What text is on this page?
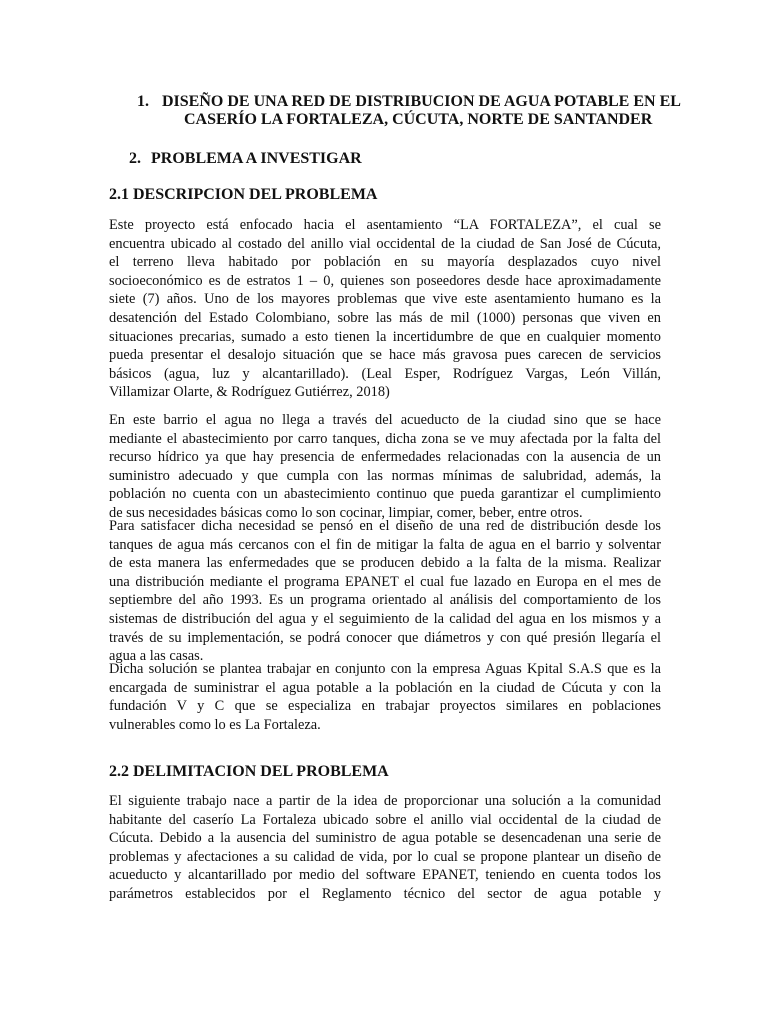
1. DISEÑO DE UNA RED DE DISTRIBUCION DE AGUA POTABLE EN EL
CASERÍO LA FORTALEZA, CÚCUTA, NORTE DE SANTANDER
2. PROBLEMA A INVESTIGAR
2.1 DESCRIPCION DEL PROBLEMA
Este proyecto está enfocado hacia el asentamiento “LA FORTALEZA”, el cual se
encuentra ubicado al costado del anillo vial occidental de la ciudad de San José de Cúcuta,
el terreno lleva habitado por población en su mayoría desplazados cuyo nivel
socioeconómico es de estratos 1 – 0, quienes son poseedores desde hace aproximadamente
siete (7) años. Uno de los mayores problemas que vive este asentamiento humano es la
desatención del Estado Colombiano, sobre las más de mil (1000) personas que viven en
situaciones precarias, sumado a esto tienen la incertidumbre de que en cualquier momento
pueda presentar el desalojo situación que se hace más gravosa pues carecen de servicios
básicos (agua, luz y alcantarillado). (Leal Esper, Rodríguez Vargas, León Villán,
Villamizar Olarte, & Rodríguez Gutiérrez, 2018)
En este barrio el agua no llega a través del acueducto de la ciudad sino que se hace
mediante el abastecimiento por carro tanques, dicha zona se ve muy afectada por la falta del
recurso hídrico ya que hay presencia de enfermedades relacionadas con la ausencia de un
suministro adecuado y que cumpla con las normas mínimas de salubridad, además, la
población no cuenta con un abastecimiento continuo que pueda garantizar el cumplimiento
de sus necesidades básicas como lo son cocinar, limpiar, comer, beber, entre otros.
Para satisfacer dicha necesidad se pensó en el diseño de una red de distribución desde los
tanques de agua más cercanos con el fin de mitigar la falta de agua en el barrio y solventar
de esta manera las enfermedades que se producen debido a la falta de la misma. Realizar
una distribución mediante el programa EPANET el cual fue lazado en Europa en el mes de
septiembre del año 1993. Es un programa orientado al análisis del comportamiento de los
sistemas de distribución del agua y el seguimiento de la calidad del agua en los mismos y a
través de su implementación, se podrá conocer que diámetros y con qué presión llegaría el
agua a las casas.
Dicha solución se plantea trabajar en conjunto con la empresa Aguas Kpital S.A.S que es la
encargada de suministrar el agua potable a la población en la ciudad de Cúcuta y con la
fundación V y C que se especializa en trabajar proyectos similares en poblaciones
vulnerables como lo es La Fortaleza.
2.2 DELIMITACION DEL PROBLEMA
El siguiente trabajo nace a partir de la idea de proporcionar una solución a la comunidad
habitante del caserío La Fortaleza ubicado sobre el anillo vial occidental de la ciudad de
Cúcuta. Debido a la ausencia del suministro de agua potable se desencadenan una serie de
problemas y afectaciones a su calidad de vida, por lo cual se propone plantear un diseño de
acueducto y alcantarillado por medio del software EPANET, teniendo en cuenta todos los
parámetros establecidos por el Reglamento técnico del sector de agua potable y
